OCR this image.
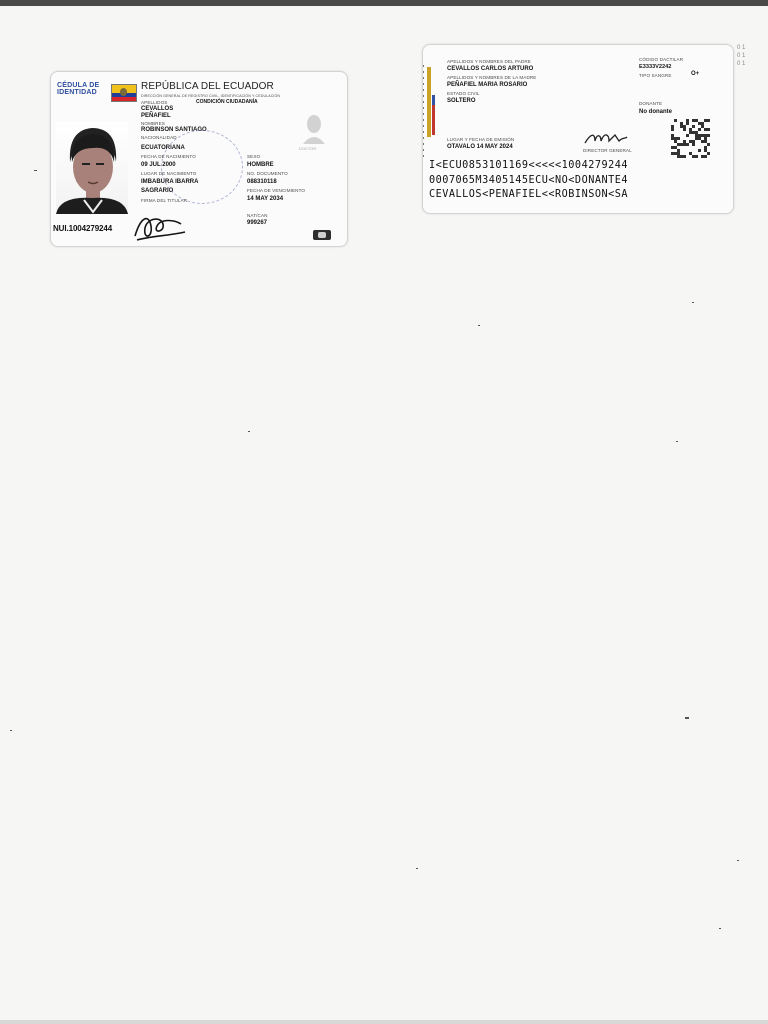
CÉDULA DE IDENTIDAD
REPÚBLICA DEL ECUADOR
DIRECCIÓN GENERAL DE REGISTRO CIVIL, IDENTIFICACIÓN Y CEDULACIÓN
APELLIDOS	CONDICIÓN CIUDADANÍA
CEVALLOS
PEÑAFIEL
NOMBRES
ROBINSON SANTIAGO
NACIONALIDAD
ECUATORIANA
FECHA DE NACIMIENTO
09 JUL 2000
LUGAR DE NACIMIENTO
IMBABURA IBARRA
SAGRARIO
FIRMA DEL TITULAR
SEXO
HOMBRE
NO. DOCUMENTO
088310118
FECHA DE VENCIMIENTO
14 MAY 2034
NAT/CAN
999267
DOCTOR
NUI.1004279244
APELLIDOS Y NOMBRES DEL PADRE
CEVALLOS CARLOS ARTURO
APELLIDOS Y NOMBRES DE LA MADRE
PEÑAFIEL MARIA ROSARIO
ESTADO CIVIL
SOLTERO
CÓDIGO DACTILAR
E3333V2242
TIPO SANGRE	O+
DONANTE
No donante
LUGAR Y FECHA DE EMISIÓN
OTAVALO 14 MAY 2024
DIRECTOR GENERAL
I<ECU0853101169<<<<<1004279244
0007065M3405145ECU<NO<DONANTE4
CEVALLOS<PENAFIEL<<ROBINSON<SA
0 1
0 1
0 1
